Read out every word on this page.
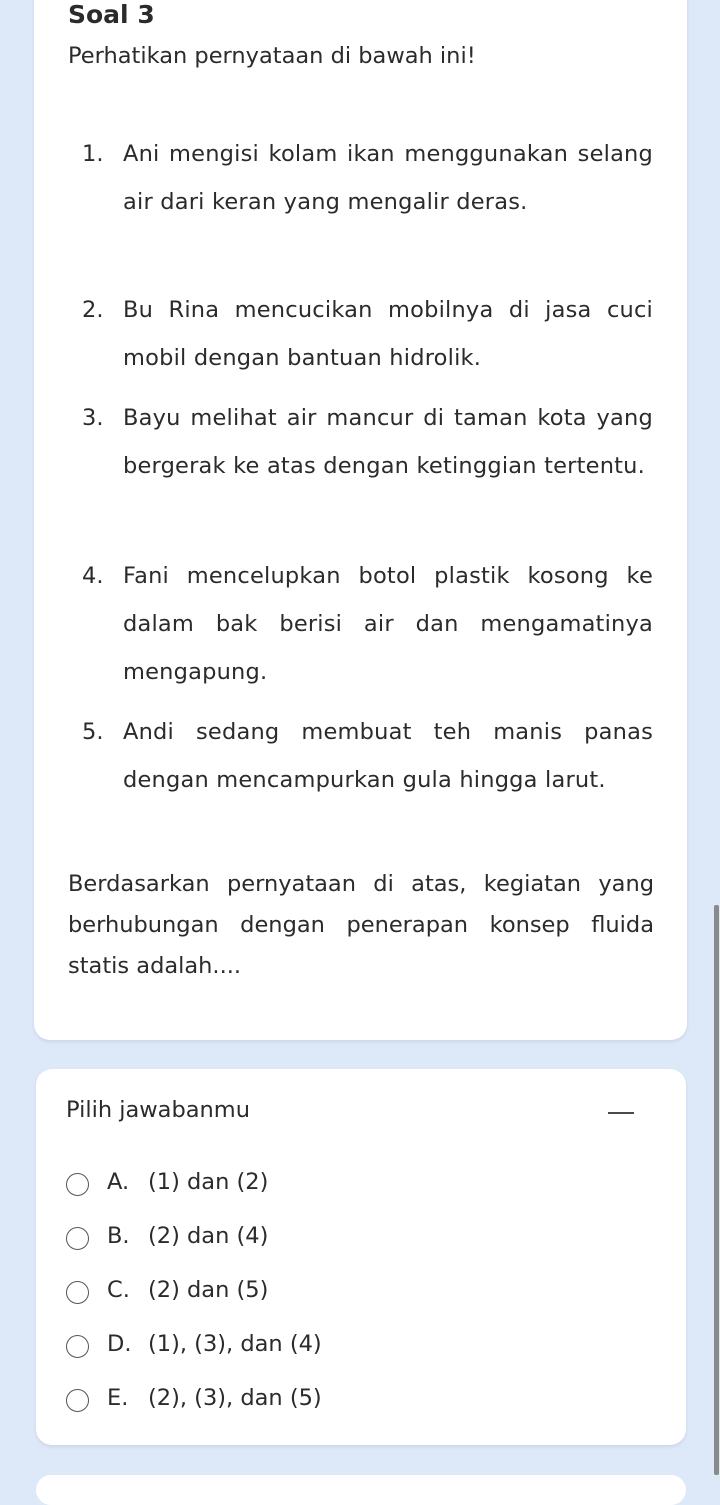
Soal 3

Perhatikan pernyataan di bawah ini!

1. Ani mengisi kolam ikan menggunakan selang air dari keran yang mengalir deras.
2. Bu Rina mencucikan mobilnya di jasa cuci mobil dengan bantuan hidrolik.
3. Bayu melihat air mancur di taman kota yang bergerak ke atas dengan ketinggian tertentu.
4. Fani mencelupkan botol plastik kosong ke dalam bak berisi air dan mengamatinya mengapung.
5. Andi sedang membuat teh manis panas dengan mencampurkan gula hingga larut.

Berdasarkan pernyataan di atas, kegiatan yang berhubungan dengan penerapan konsep fluida statis adalah....

Pilih jawabanmu
A. (1) dan (2)
B. (2) dan (4)
C. (2) dan (5)
D. (1), (3), dan (4)
E. (2), (3), dan (5)
